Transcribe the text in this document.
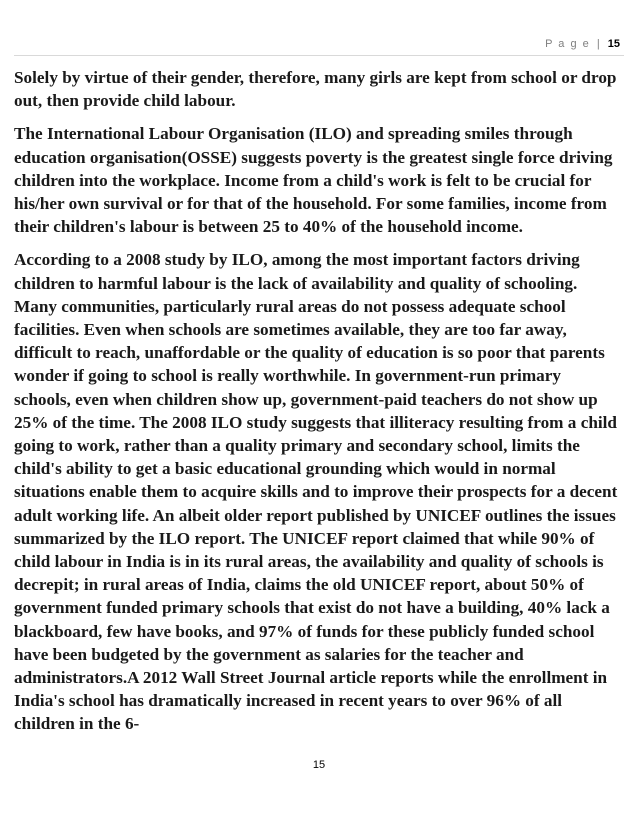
P a g e | 15

Solely by virtue of their gender, therefore, many girls are kept from school or drop out, then provide child labour.

The International Labour Organisation (ILO) and spreading smiles through education organisation(OSSE) suggests poverty is the greatest single force driving children into the workplace. Income from a child's work is felt to be crucial for his/her own survival or for that of the household. For some families, income from their children's labour is between 25 to 40% of the household income.

According to a 2008 study by ILO, among the most important factors driving children to harmful labour is the lack of availability and quality of schooling. Many communities, particularly rural areas do not possess adequate school facilities. Even when schools are sometimes available, they are too far away, difficult to reach, unaffordable or the quality of education is so poor that parents wonder if going to school is really worthwhile. In government-run primary schools, even when children show up, government-paid teachers do not show up 25% of the time. The 2008 ILO study suggests that illiteracy resulting from a child going to work, rather than a quality primary and secondary school, limits the child's ability to get a basic educational grounding which would in normal situations enable them to acquire skills and to improve their prospects for a decent adult working life. An albeit older report published by UNICEF outlines the issues summarized by the ILO report. The UNICEF report claimed that while 90% of child labour in India is in its rural areas, the availability and quality of schools is decrepit; in rural areas of India, claims the old UNICEF report, about 50% of government funded primary schools that exist do not have a building, 40% lack a blackboard, few have books, and 97% of funds for these publicly funded school have been budgeted by the government as salaries for the teacher and administrators.A 2012 Wall Street Journal article reports while the enrollment in India's school has dramatically increased in recent years to over 96% of all children in the 6-

15
